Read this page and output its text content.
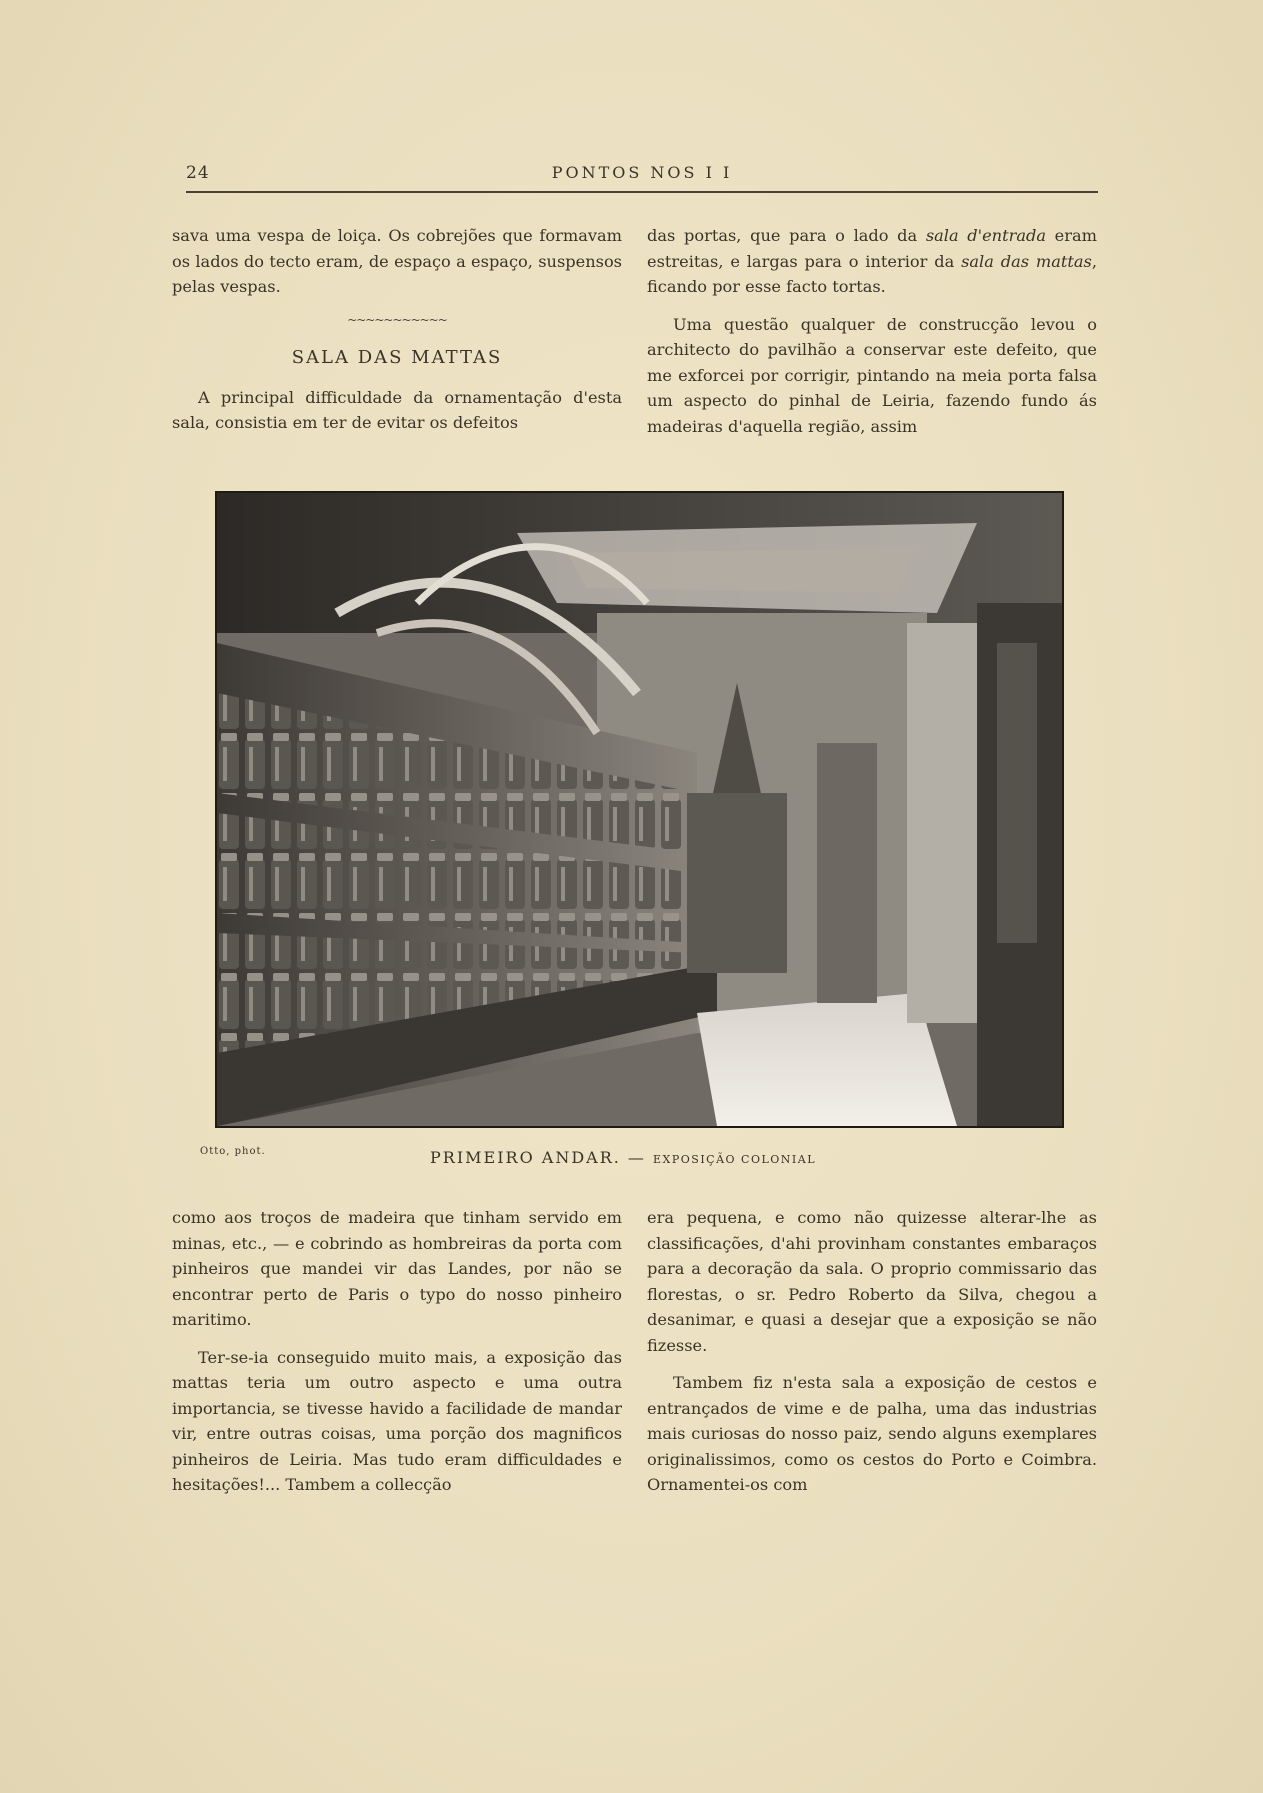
24	PONTOS NOS I I

sava uma vespa de loiça. Os cobrejões que formavam os lados do tecto eram, de espaço a espaço, suspensos pelas vespas.

~~~~~~~~~~~
SALA DAS MATTAS

A principal difficuldade da ornamentação d'esta sala, consistia em ter de evitar os defeitos

das portas, que para o lado da sala d'entrada eram estreitas, e largas para o interior da sala das mattas, ficando por esse facto tortas.

Uma questão qualquer de construcção levou o architecto do pavilhão a conservar este defeito, que me exforcei por corrigir, pintando na meia porta falsa um aspecto do pinhal de Leiria, fazendo fundo ás madeiras d'aquella região, assim

Otto, phot.	PRIMEIRO ANDAR. — EXPOSIÇÃO COLONIAL

como aos troços de madeira que tinham servido em minas, etc., — e cobrindo as hombreiras da porta com pinheiros que mandei vir das Landes, por não se encontrar perto de Paris o typo do nosso pinheiro maritimo.

Ter-se-ia conseguido muito mais, a exposição das mattas teria um outro aspecto e uma outra importancia, se tivesse havido a facilidade de mandar vir, entre outras coisas, uma porção dos magnificos pinheiros de Leiria. Mas tudo eram difficuldades e hesitações!... Tambem a collecção

era pequena, e como não quizesse alterar-lhe as classificações, d'ahi provinham constantes embaraços para a decoração da sala. O proprio commissario das florestas, o sr. Pedro Roberto da Silva, chegou a desanimar, e quasi a desejar que a exposição se não fizesse.

Tambem fiz n'esta sala a exposição de cestos e entrançados de vime e de palha, uma das industrias mais curiosas do nosso paiz, sendo alguns exemplares originalissimos, como os cestos do Porto e Coimbra. Ornamentei-os com
